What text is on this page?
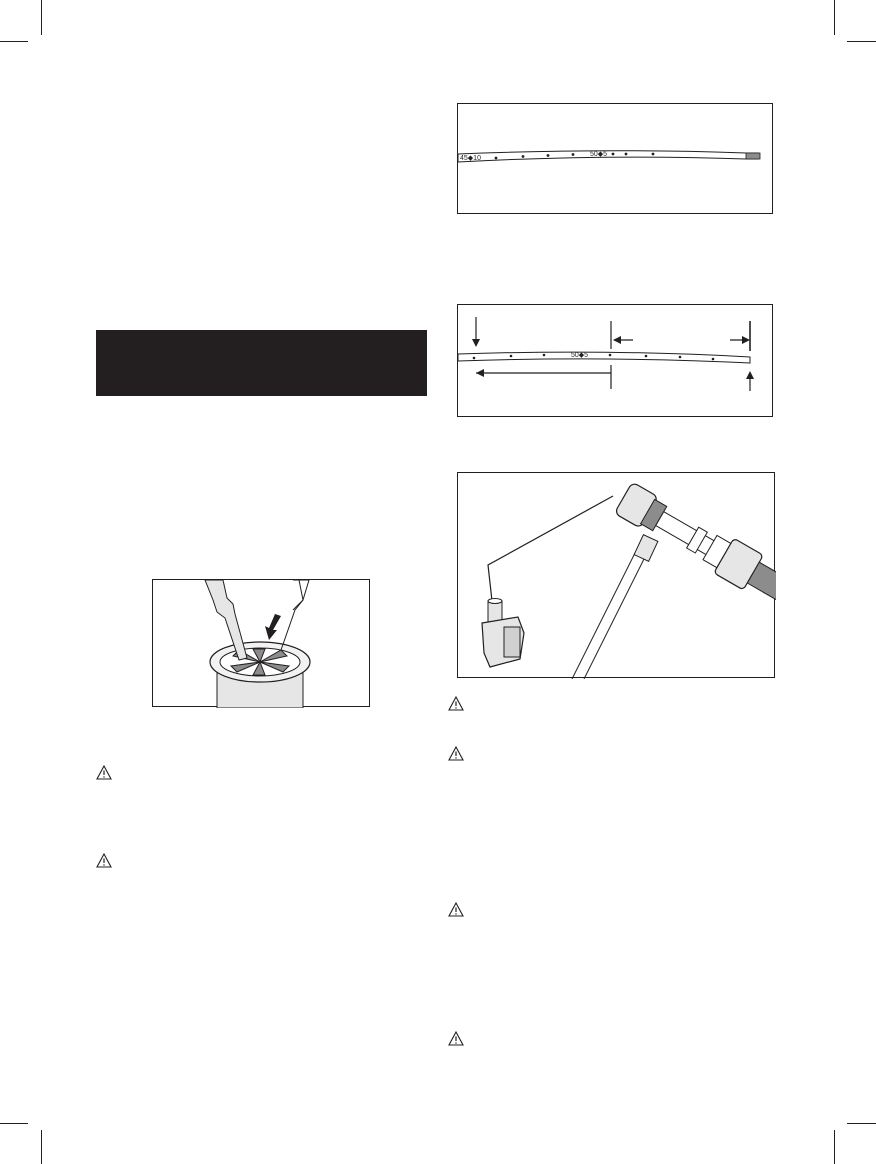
45◆10
50◆5
50◆5
